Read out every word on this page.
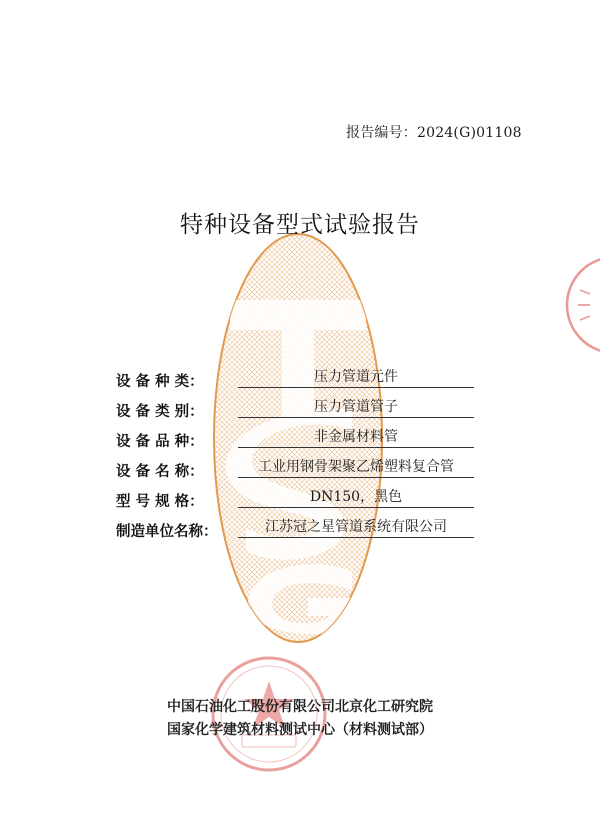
报告编号：2024(G)01108
特种设备型式试验报告
设 备 种 类：	压力管道元件
设 备 类 别：	压力管道管子
设 备 品 种：	非金属材料管
设 备 名 称：	工业用钢骨架聚乙烯塑料复合管
型 号 规 格：	DN150，黑色
制造单位名称：	江苏冠之星管道系统有限公司
中国石油化工股份有限公司北京化工研究院
国家化学建筑材料测试中心（材料测试部）
